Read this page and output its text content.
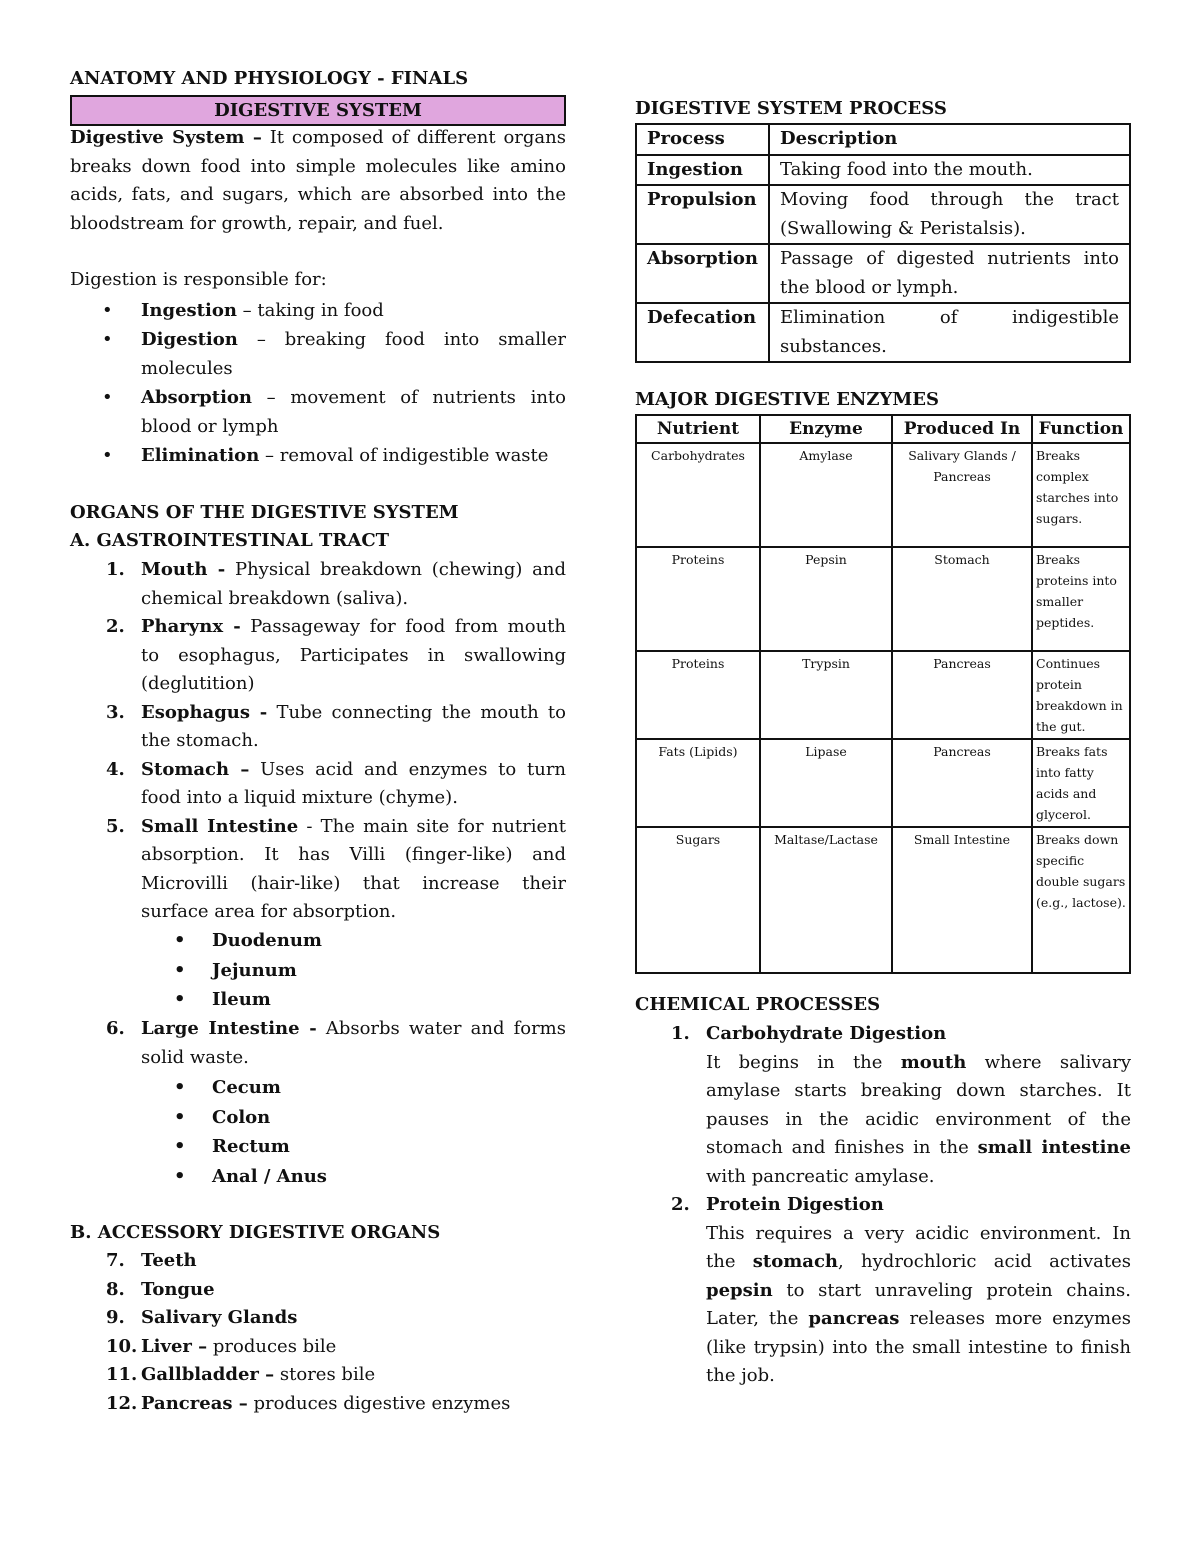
ANATOMY AND PHYSIOLOGY - FINALS
DIGESTIVE SYSTEM

Digestive System – It composed of different organs breaks down food into simple molecules like amino acids, fats, and sugars, which are absorbed into the bloodstream for growth, repair, and fuel.

Digestion is responsible for:

• Ingestion – taking in food
• Digestion – breaking food into smaller molecules
• Absorption – movement of nutrients into blood or lymph
• Elimination – removal of indigestible waste
ORGANS OF THE DIGESTIVE SYSTEM
A. GASTROINTESTINAL TRACT
1. Mouth - Physical breakdown (chewing) and chemical breakdown (saliva).
2. Pharynx - Passageway for food from mouth to esophagus, Participates in swallowing (deglutition)
3. Esophagus - Tube connecting the mouth to the stomach.
4. Stomach – Uses acid and enzymes to turn food into a liquid mixture (chyme).
5. Small Intestine - The main site for nutrient absorption. It has Villi (finger-like) and Microvilli (hair-like) that increase their surface area for absorption.
• Duodenum
• Jejunum
• Ileum
6. Large Intestine - Absorbs water and forms solid waste.
• Cecum
• Colon
• Rectum
• Anal / Anus
B. ACCESSORY DIGESTIVE ORGANS
7. Teeth
8. Tongue
9. Salivary Glands
10. Liver – produces bile
11. Gallbladder – stores bile
12. Pancreas – produces digestive enzymes
DIGESTIVE SYSTEM PROCESS
Process	Description
Ingestion	Taking food into the mouth.
Propulsion	Moving food through the tract (Swallowing & Peristalsis).
Absorption	Passage of digested nutrients into the blood or lymph.
Defecation	Elimination of indigestible substances.
MAJOR DIGESTIVE ENZYMES
Nutrient	Enzyme	Produced In	Function
Carbohydrates	Amylase	Salivary Glands / Pancreas	Breaks complex starches into sugars.
Proteins	Pepsin	Stomach	Breaks proteins into smaller peptides.
Proteins	Trypsin	Pancreas	Continues protein breakdown in the gut.
Fats (Lipids)	Lipase	Pancreas	Breaks fats into fatty acids and glycerol.
Sugars	Maltase/Lactase	Small Intestine	Breaks down specific double sugars (e.g., lactose).
CHEMICAL PROCESSES
1. Carbohydrate Digestion
It begins in the mouth where salivary amylase starts breaking down starches. It pauses in the acidic environment of the stomach and finishes in the small intestine with pancreatic amylase.
2. Protein Digestion
This requires a very acidic environment. In the stomach, hydrochloric acid activates pepsin to start unraveling protein chains. Later, the pancreas releases more enzymes (like trypsin) into the small intestine to finish the job.
